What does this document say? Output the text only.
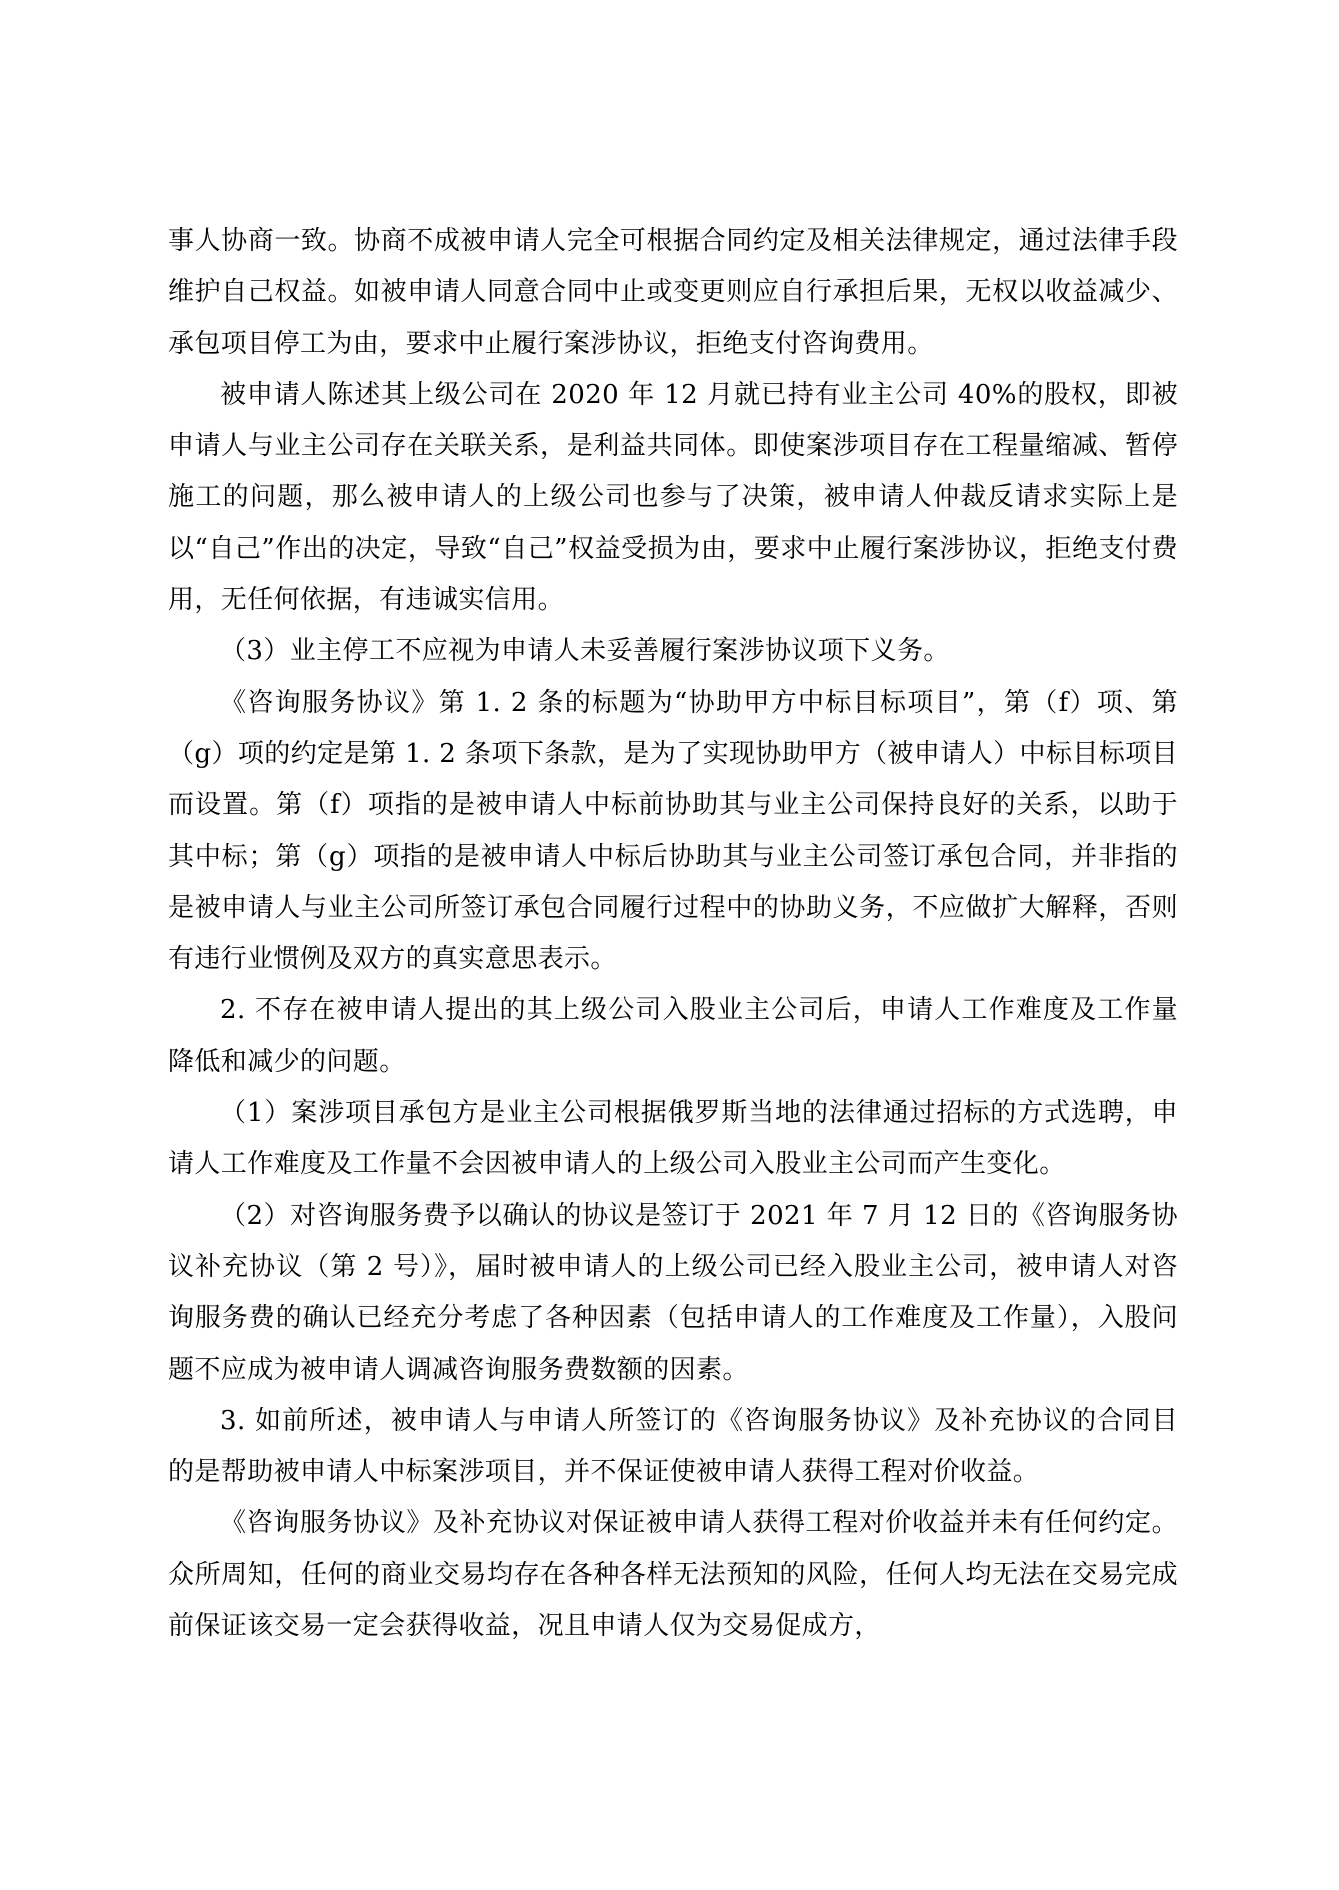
事人协商一致。协商不成被申请人完全可根据合同约定及相关法律规定，通过法律手段维护自己权益。如被申请人同意合同中止或变更则应自行承担后果，无权以收益减少、承包项目停工为由，要求中止履行案涉协议，拒绝支付咨询费用。

被申请人陈述其上级公司在 2020 年 12 月就已持有业主公司 40%的股权，即被申请人与业主公司存在关联关系，是利益共同体。即使案涉项目存在工程量缩减、暂停施工的问题，那么被申请人的上级公司也参与了决策，被申请人仲裁反请求实际上是以“自己”作出的决定，导致“自己”权益受损为由，要求中止履行案涉协议，拒绝支付费用，无任何依据，有违诚实信用。

（3）业主停工不应视为申请人未妥善履行案涉协议项下义务。

《咨询服务协议》第 1. 2 条的标题为“协助甲方中标目标项目”，第（f）项、第（g）项的约定是第 1. 2 条项下条款，是为了实现协助甲方（被申请人）中标目标项目而设置。第（f）项指的是被申请人中标前协助其与业主公司保持良好的关系，以助于其中标；第（g）项指的是被申请人中标后协助其与业主公司签订承包合同，并非指的是被申请人与业主公司所签订承包合同履行过程中的协助义务，不应做扩大解释，否则有违行业惯例及双方的真实意思表示。

2. 不存在被申请人提出的其上级公司入股业主公司后，申请人工作难度及工作量降低和减少的问题。

（1）案涉项目承包方是业主公司根据俄罗斯当地的法律通过招标的方式选聘，申请人工作难度及工作量不会因被申请人的上级公司入股业主公司而产生变化。

（2）对咨询服务费予以确认的协议是签订于 2021 年 7 月 12 日的《咨询服务协议补充协议（第 2 号）》，届时被申请人的上级公司已经入股业主公司，被申请人对咨询服务费的确认已经充分考虑了各种因素（包括申请人的工作难度及工作量），入股问题不应成为被申请人调减咨询服务费数额的因素。

3. 如前所述，被申请人与申请人所签订的《咨询服务协议》及补充协议的合同目的是帮助被申请人中标案涉项目，并不保证使被申请人获得工程对价收益。

《咨询服务协议》及补充协议对保证被申请人获得工程对价收益并未有任何约定。众所周知，任何的商业交易均存在各种各样无法预知的风险，任何人均无法在交易完成前保证该交易一定会获得收益，况且申请人仅为交易促成方，
